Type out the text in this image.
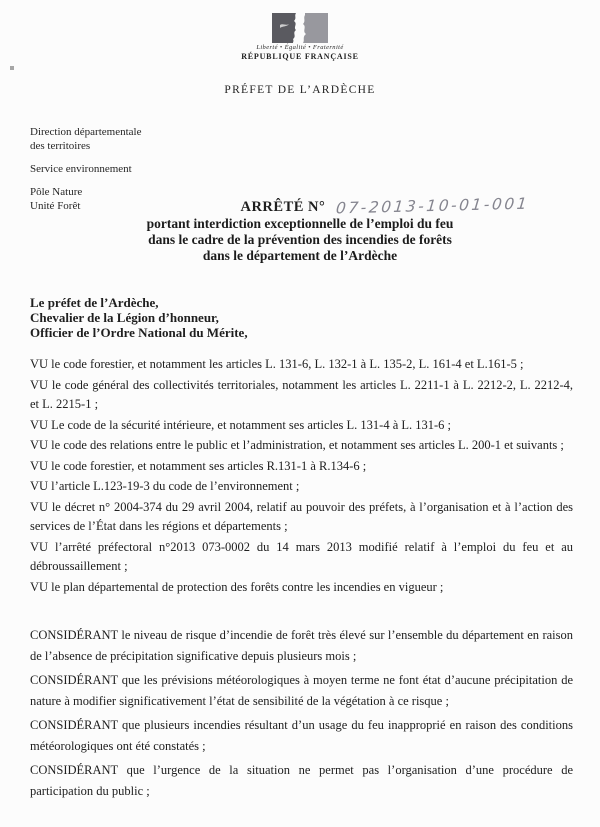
Liberté • Égalité • Fraternité
RÉPUBLIQUE FRANÇAISE
PRÉFET DE L’ARDÈCHE

Direction départementale

des territoires

Service environnement

Pôle Nature

Unité Forêt	ARRÊTÉ N° 07-2013-10-01-001
portant interdiction exceptionnelle de l’emploi du feu
dans le cadre de la prévention des incendies de forêts
dans le département de l’Ardèche

Le préfet de l’Ardèche,

Chevalier de la Légion d’honneur,

Officier de l’Ordre National du Mérite,

VU le code forestier, et notamment les articles L. 131-6, L. 132-1 à L. 135-2, L. 161-4 et L.161-5 ;

VU le code général des collectivités territoriales, notamment les articles L. 2211-1 à L. 2212-2, L. 2212-4, et L. 2215-1 ;

VU Le code de la sécurité intérieure, et notamment ses articles L. 131-4 à L. 131-6 ;

VU le code des relations entre le public et l’administration, et notamment ses articles L. 200-1 et suivants ;

VU le code forestier, et notamment ses articles R.131-1 à R.134-6 ;

VU l’article L.123-19-3 du code de l’environnement ;

VU le décret n° 2004-374 du 29 avril 2004, relatif au pouvoir des préfets, à l’organisation et à l’action des services de l’État dans les régions et départements ;

VU l’arrêté préfectoral n°2013 073-0002 du 14 mars 2013 modifié relatif à l’emploi du feu et au débroussaillement ;

VU le plan départemental de protection des forêts contre les incendies en vigueur ;

CONSIDÉRANT le niveau de risque d’incendie de forêt très élevé sur l’ensemble du département en raison de l’absence de précipitation significative depuis plusieurs mois ;

CONSIDÉRANT que les prévisions météorologiques à moyen terme ne font état d’aucune précipitation de nature à modifier significativement l’état de sensibilité de la végétation à ce risque ;

CONSIDÉRANT que plusieurs incendies résultant d’un usage du feu inapproprié en raison des conditions météorologiques ont été constatés ;

CONSIDÉRANT que l’urgence de la situation ne permet pas l’organisation d’une procédure de participation du public ;
